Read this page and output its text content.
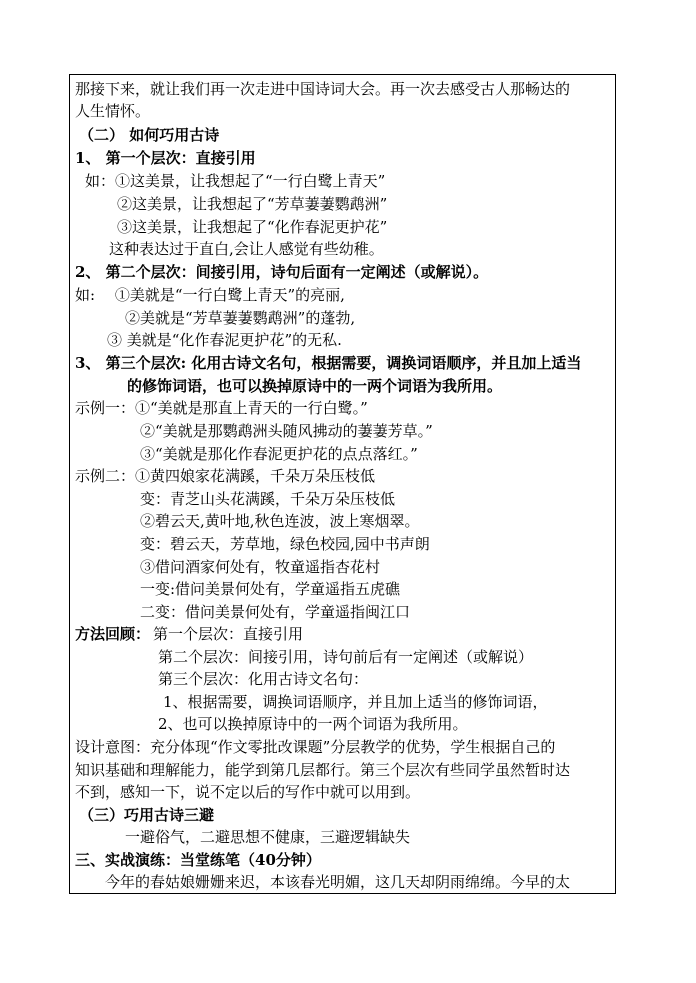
那接下来，就让我们再一次走进中国诗词大会。再一次去感受古人那畅达的
人生情怀。
（二） 如何巧用古诗
1、 第一个层次：直接引用
如：①这美景，让我想起了“一行白鹭上青天”
②这美景，让我想起了“芳草萋萋鹦鹉洲”
③这美景，让我想起了“化作春泥更护花”
这种表达过于直白,会让人感觉有些幼稚。
2、 第二个层次：间接引用，诗句后面有一定阐述（或解说）。
如:　 ①美就是“一行白鹭上青天”的亮丽,
②美就是“芳草萋萋鹦鹉洲”的蓬勃,
③ 美就是“化作春泥更护花”的无私.
3、 第三个层次: 化用古诗文名句，根据需要，调换词语顺序，并且加上适当
的修饰词语，也可以换掉原诗中的一两个词语为我所用。
示例一：①“美就是那直上青天的一行白鹭。”
②“美就是那鹦鹉洲头随风拂动的萋萋芳草。”
③“美就是那化作春泥更护花的点点落红。”
示例二：①黄四娘家花满蹊，千朵万朵压枝低
变：青芝山头花满蹊，千朵万朵压枝低
②碧云天,黄叶地,秋色连波，波上寒烟翠。
变：碧云天，芳草地，绿色校园,园中书声朗
③借问酒家何处有，牧童遥指杏花村
一变:借问美景何处有，学童遥指五虎礁
二变：借问美景何处有，学童遥指闽江口
方法回顾： 第一个层次：直接引用
第二个层次：间接引用，诗句前后有一定阐述（或解说）
第三个层次：化用古诗文名句：
1、根据需要，调换词语顺序，并且加上适当的修饰词语，
2、也可以换掉原诗中的一两个词语为我所用。
设计意图：充分体现“作文零批改课题”分层教学的优势，学生根据自己的
知识基础和理解能力，能学到第几层都行。第三个层次有些同学虽然暂时达
不到，感知一下，说不定以后的写作中就可以用到。
（三）巧用古诗三避
一避俗气，二避思想不健康，三避逻辑缺失
三、实战演练：当堂练笔（40分钟）
今年的春姑娘姗姗来迟，本该春光明媚，这几天却阴雨绵绵。今早的太
